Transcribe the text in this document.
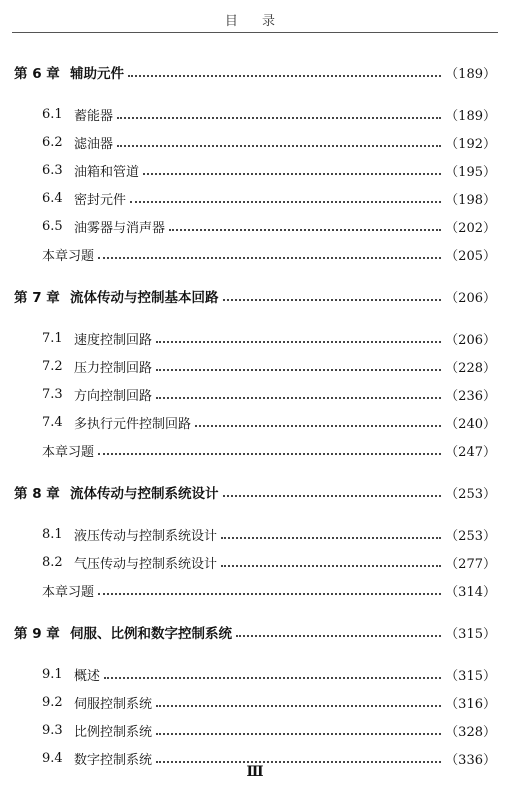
目 录
第 6 章 辅助元件	（189）
6.1 蓄能器	（189）
6.2 滤油器	（192）
6.3 油箱和管道	（195）
6.4 密封元件	（198）
6.5 油雾器与消声器	（202）
本章习题	（205）
第 7 章 流体传动与控制基本回路	（206）
7.1 速度控制回路	（206）
7.2 压力控制回路	（228）
7.3 方向控制回路	（236）
7.4 多执行元件控制回路	（240）
本章习题	（247）
第 8 章 流体传动与控制系统设计	（253）
8.1 液压传动与控制系统设计	（253）
8.2 气压传动与控制系统设计	（277）
本章习题	（314）
第 9 章 伺服、比例和数字控制系统	（315）
9.1 概述	（315）
9.2 伺服控制系统	（316）
9.3 比例控制系统	（328）
9.4 数字控制系统	（336）
Ⅲ
